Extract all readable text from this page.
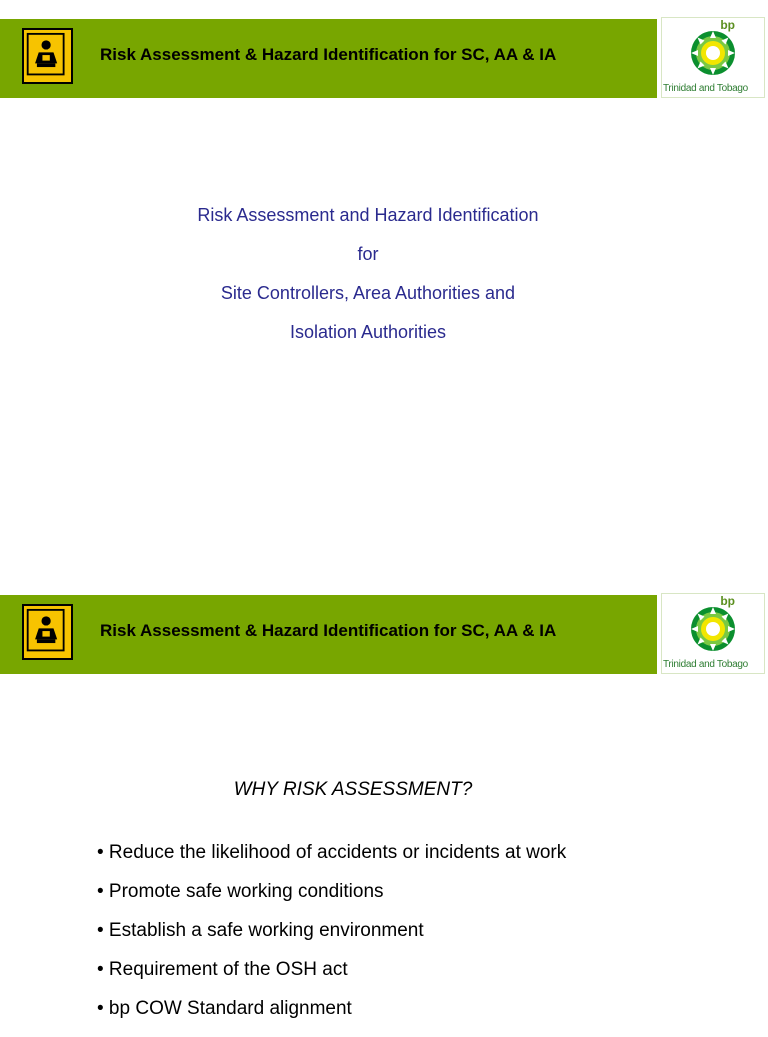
Risk Assessment & Hazard Identification for SC, AA & IA
bp
Trinidad and Tobago
Risk Assessment and Hazard Identification
for
Site Controllers, Area Authorities and
Isolation Authorities
Risk Assessment & Hazard Identification for SC, AA & IA
bp
Trinidad and Tobago
WHY RISK ASSESSMENT?
• Reduce the likelihood of accidents or incidents at work
• Promote safe working conditions
• Establish a safe working environment
• Requirement of the OSH act
• bp COW Standard alignment
